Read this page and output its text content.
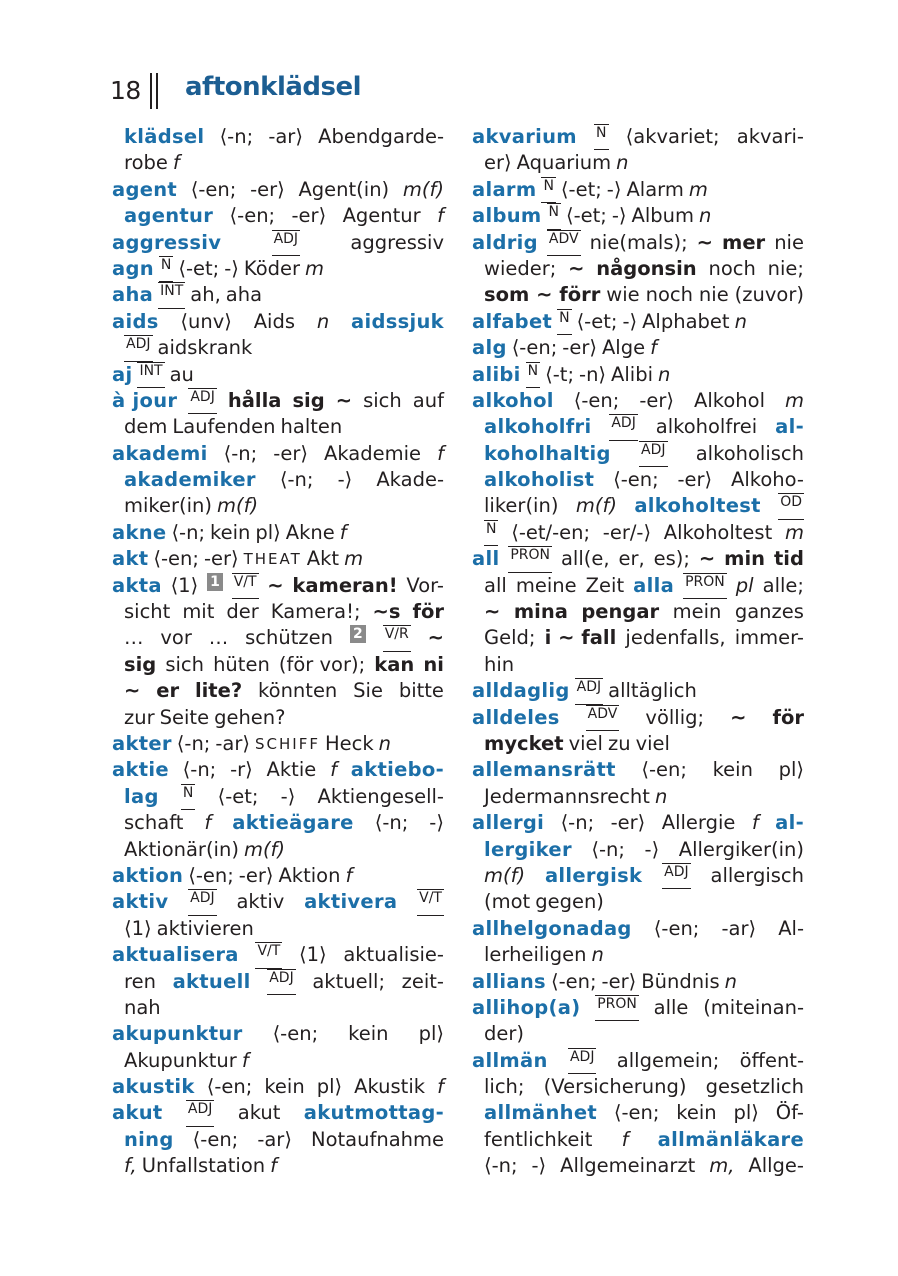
18 aftonklädsel
klädsel ⟨-n; -ar⟩ Abendgarde-
robe f
agent ⟨-en; -er⟩ Agent(in) m(f)
agentur ⟨-en; -er⟩ Agentur f
aggressiv	ADJ	aggressiv
agn N ⟨-et; -⟩ Köder m
aha INT ah, aha
aids ⟨unv⟩ Aids n aidssjuk
ADJ aidskrank
aj INT au
à jour ADJ hålla sig ~ sich auf
dem Laufenden halten
akademi ⟨-n; -er⟩ Akademie f
akademiker ⟨-n; -⟩ Akade-
miker(in) m(f)
akne ⟨-n; kein pl⟩ Akne f
akt ⟨-en; -er⟩ THEAT Akt m
akta ⟨1⟩ 1 V/T ~ kameran! Vor-
sicht mit der Kamera!; ~s för
… vor … schützen 2 V/R ~
sig sich hüten (för vor); kan ni
~ er lite? könnten Sie bitte
zur Seite gehen?
akter ⟨-n; -ar⟩ SCHIFF Heck n
aktie ⟨-n; -r⟩ Aktie f aktiebo-
lag N ⟨-et; -⟩ Aktiengesell-
schaft f aktieägare ⟨-n; -⟩
Aktionär(in) m(f)
aktion ⟨-en; -er⟩ Aktion f
aktiv ADJ aktiv aktivera V/T
⟨1⟩ aktivieren
aktualisera V/T ⟨1⟩ aktualisie-
ren aktuell ADJ aktuell; zeit-
nah
akupunktur ⟨-en; kein pl⟩
Akupunktur f
akustik ⟨-en; kein pl⟩ Akustik f
akut ADJ akut akutmottag-
ning ⟨-en; -ar⟩ Notaufnahme
f, Unfallstation f
akvarium N ⟨akvariet; akvari-
er⟩ Aquarium n
alarm N ⟨-et; -⟩ Alarm m
album N ⟨-et; -⟩ Album n
aldrig ADV nie(mals); ~ mer nie
wieder; ~ någonsin noch nie;
som ~ förr wie noch nie (zuvor)
alfabet N ⟨-et; -⟩ Alphabet n
alg ⟨-en; -er⟩ Alge f
alibi N ⟨-t; -n⟩ Alibi n
alkohol ⟨-en; -er⟩ Alkohol m
alkoholfri ADJ alkoholfrei al-
koholhaltig ADJ alkoholisch
alkoholist ⟨-en; -er⟩ Alkoho-
liker(in) m(f) alkoholtest OD
N ⟨-et/-en; -er/-⟩ Alkoholtest m
all PRON all(e, er, es); ~ min tid
all meine Zeit alla PRON pl alle;
~ mina pengar mein ganzes
Geld; i ~ fall jedenfalls, immer-
hin
alldaglig ADJ alltäglich
alldeles ADV völlig; ~ för
mycket viel zu viel
allemansrätt ⟨-en; kein pl⟩
Jedermannsrecht n
allergi ⟨-n; -er⟩ Allergie f al-
lergiker ⟨-n; -⟩ Allergiker(in)
m(f) allergisk ADJ allergisch
(mot gegen)
allhelgonadag ⟨-en; -ar⟩ Al-
lerheiligen n
allians ⟨-en; -er⟩ Bündnis n
allihop(a) PRON alle (miteinan-
der)
allmän ADJ allgemein; öffent-
lich; (Versicherung) gesetzlich
allmänhet ⟨-en; kein pl⟩ Öf-
fentlichkeit f allmänläkare
⟨-n; -⟩ Allgemeinarzt m, Allge-
